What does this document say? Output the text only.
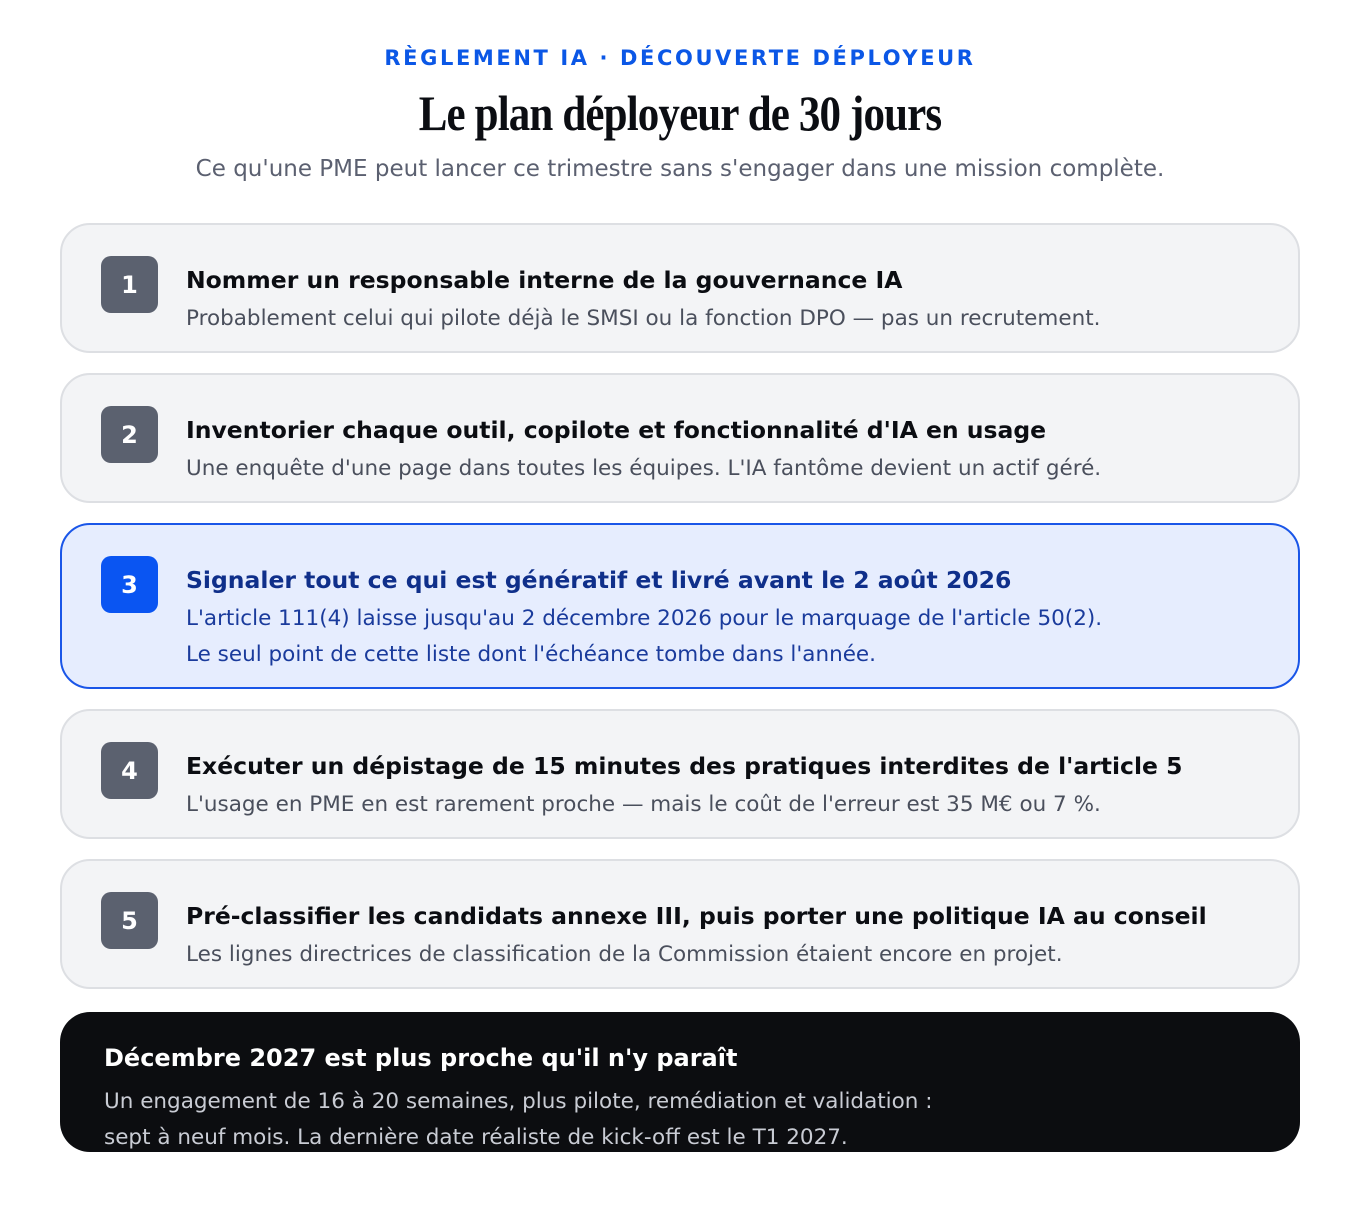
RÈGLEMENT IA · DÉCOUVERTE DÉPLOYEUR
Le plan déployeur de 30 jours

Ce qu'une PME peut lancer ce trimestre sans s'engager dans une mission complète.

1	Nommer un responsable interne de la gouvernance IA
Probablement celui qui pilote déjà le SMSI ou la fonction DPO — pas un recrutement.
2	Inventorier chaque outil, copilote et fonctionnalité d'IA en usage
Une enquête d'une page dans toutes les équipes. L'IA fantôme devient un actif géré.
3	Signaler tout ce qui est génératif et livré avant le 2 août 2026
L'article 111(4) laisse jusqu'au 2 décembre 2026 pour le marquage de l'article 50(2).
Le seul point de cette liste dont l'échéance tombe dans l'année.
4	Exécuter un dépistage de 15 minutes des pratiques interdites de l'article 5
L'usage en PME en est rarement proche — mais le coût de l'erreur est 35 M€ ou 7 %.
5	Pré-classifier les candidats annexe III, puis porter une politique IA au conseil
Les lignes directrices de classification de la Commission étaient encore en projet.
Décembre 2027 est plus proche qu'il n'y paraît
Un engagement de 16 à 20 semaines, plus pilote, remédiation et validation :
sept à neuf mois. La dernière date réaliste de kick-off est le T1 2027.
